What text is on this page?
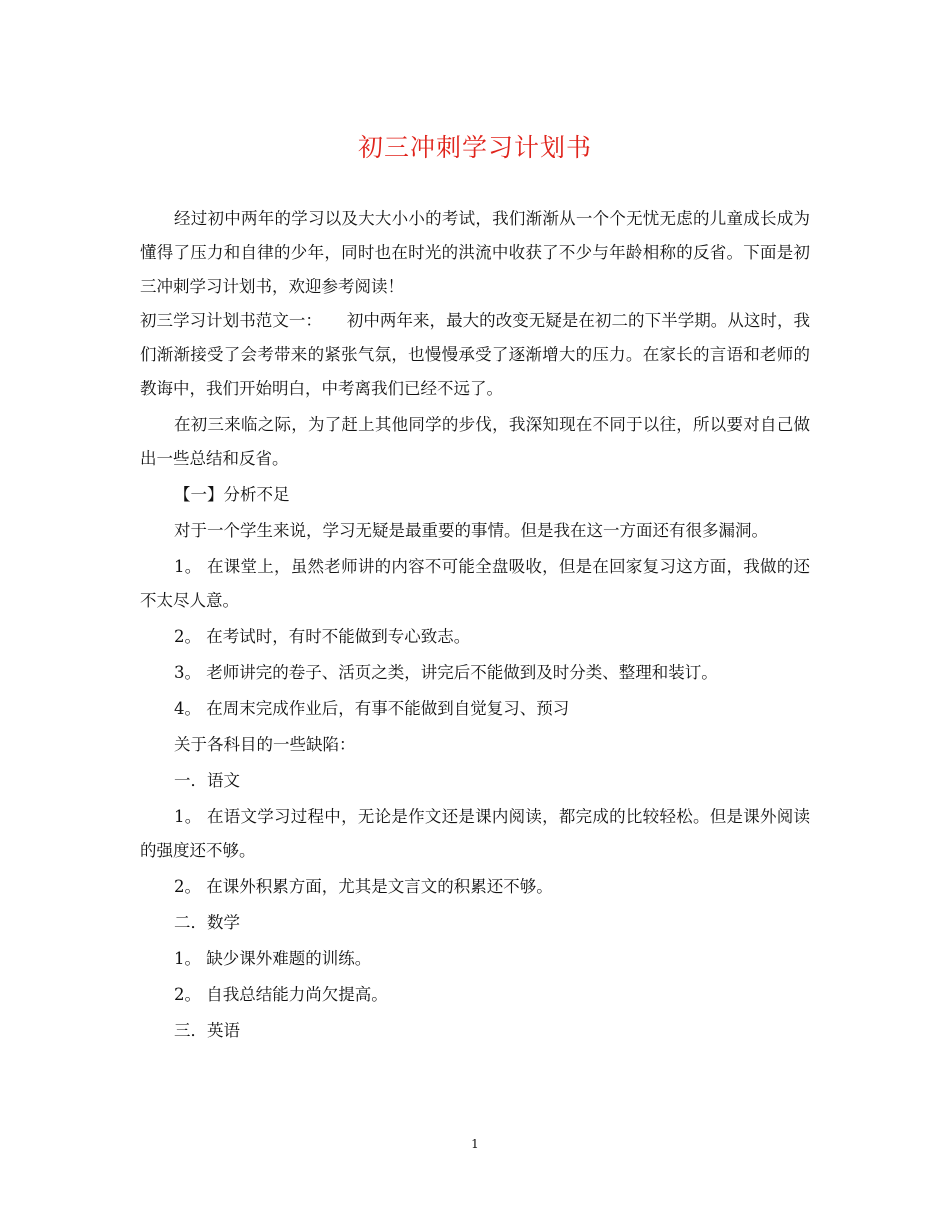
初三冲刺学习计划书

经过初中两年的学习以及大大小小的考试，我们渐渐从一个个无忧无虑的儿童成长成为懂得了压力和自律的少年，同时也在时光的洪流中收获了不少与年龄相称的反省。下面是初三冲刺学习计划书，欢迎参考阅读！

初三学习计划书范文一：　　初中两年来，最大的改变无疑是在初二的下半学期。从这时，我们渐渐接受了会考带来的紧张气氛，也慢慢承受了逐渐增大的压力。在家长的言语和老师的教诲中，我们开始明白，中考离我们已经不远了。

在初三来临之际，为了赶上其他同学的步伐，我深知现在不同于以往，所以要对自己做出一些总结和反省。

【一】分析不足

对于一个学生来说，学习无疑是最重要的事情。但是我在这一方面还有很多漏洞。

1。 在课堂上，虽然老师讲的内容不可能全盘吸收，但是在回家复习这方面，我做的还不太尽人意。

2。 在考试时，有时不能做到专心致志。

3。 老师讲完的卷子、活页之类，讲完后不能做到及时分类、整理和装订。

4。 在周末完成作业后，有事不能做到自觉复习、预习

关于各科目的一些缺陷：

一．语文

1。 在语文学习过程中，无论是作文还是课内阅读，都完成的比较轻松。但是课外阅读的强度还不够。

2。 在课外积累方面，尤其是文言文的积累还不够。

二．数学

1。 缺少课外难题的训练。

2。 自我总结能力尚欠提高。

三．英语

1
